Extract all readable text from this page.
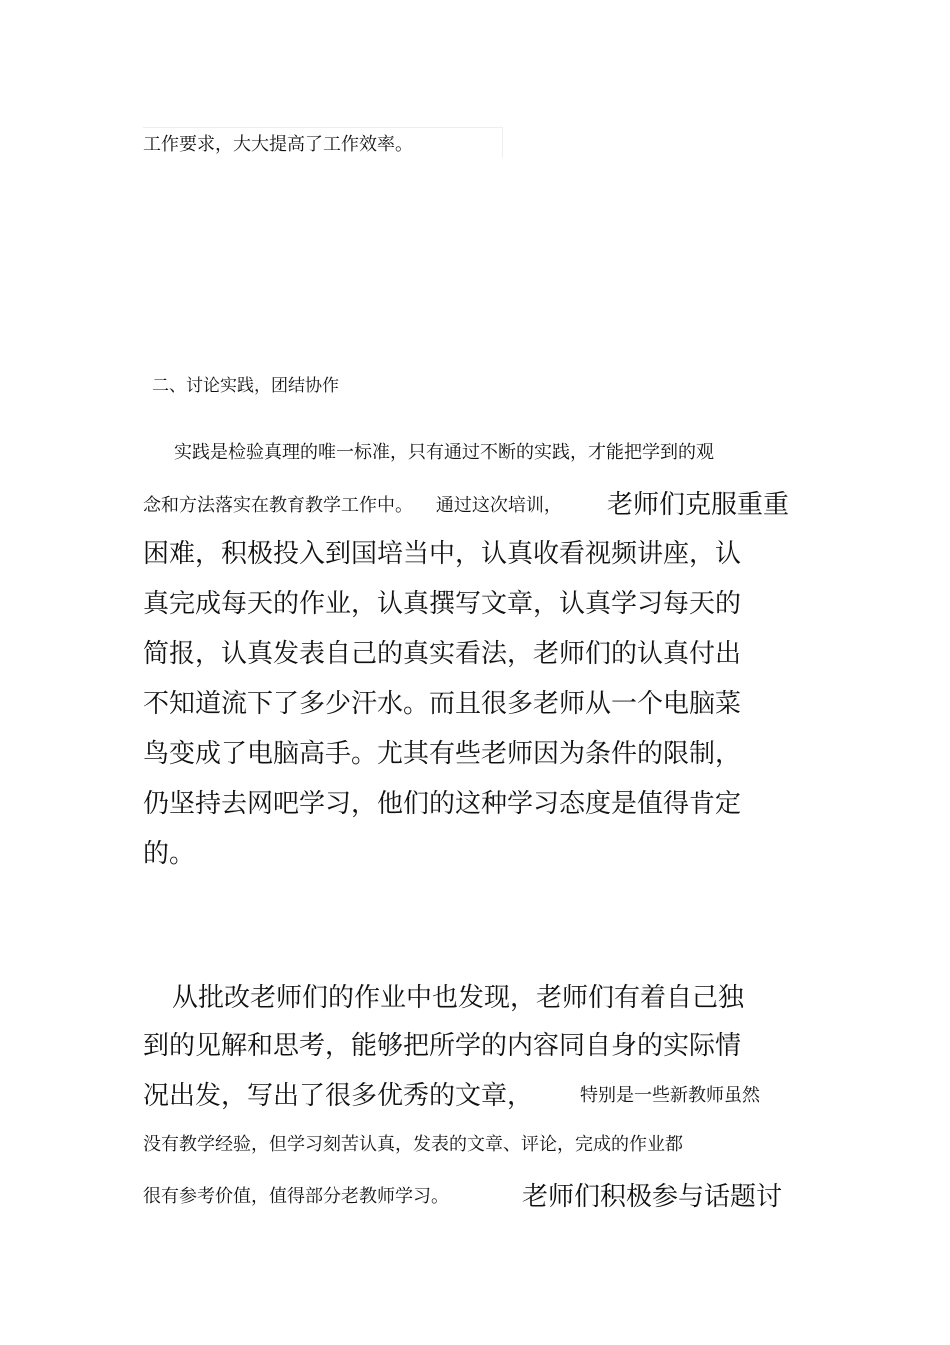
工作要求，大大提高了工作效率。

二、讨论实践，团结协作

实践是检验真理的唯一标准，只有通过不断的实践，才能把学到的观

念和方法落实在教育教学工作中。    通过这次培训， 老师们克服重重

困难，积极投入到国培当中，认真收看视频讲座，认

真完成每天的作业，认真撰写文章，认真学习每天的

简报，认真发表自己的真实看法，老师们的认真付出

不知道流下了多少汗水。而且很多老师从一个电脑菜

鸟变成了电脑高手。尤其有些老师因为条件的限制，

仍坚持去网吧学习，他们的这种学习态度是值得肯定

的。

从批改老师们的作业中也发现，老师们有着自己独

到的见解和思考，能够把所学的内容同自身的实际情

况出发，写出了很多优秀的文章，	特别是一些新教师虽然

没有教学经验，但学习刻苦认真，发表的文章、评论，完成的作业都

很有参考价值，值得部分老教师学习。	老师们积极参与话题讨
